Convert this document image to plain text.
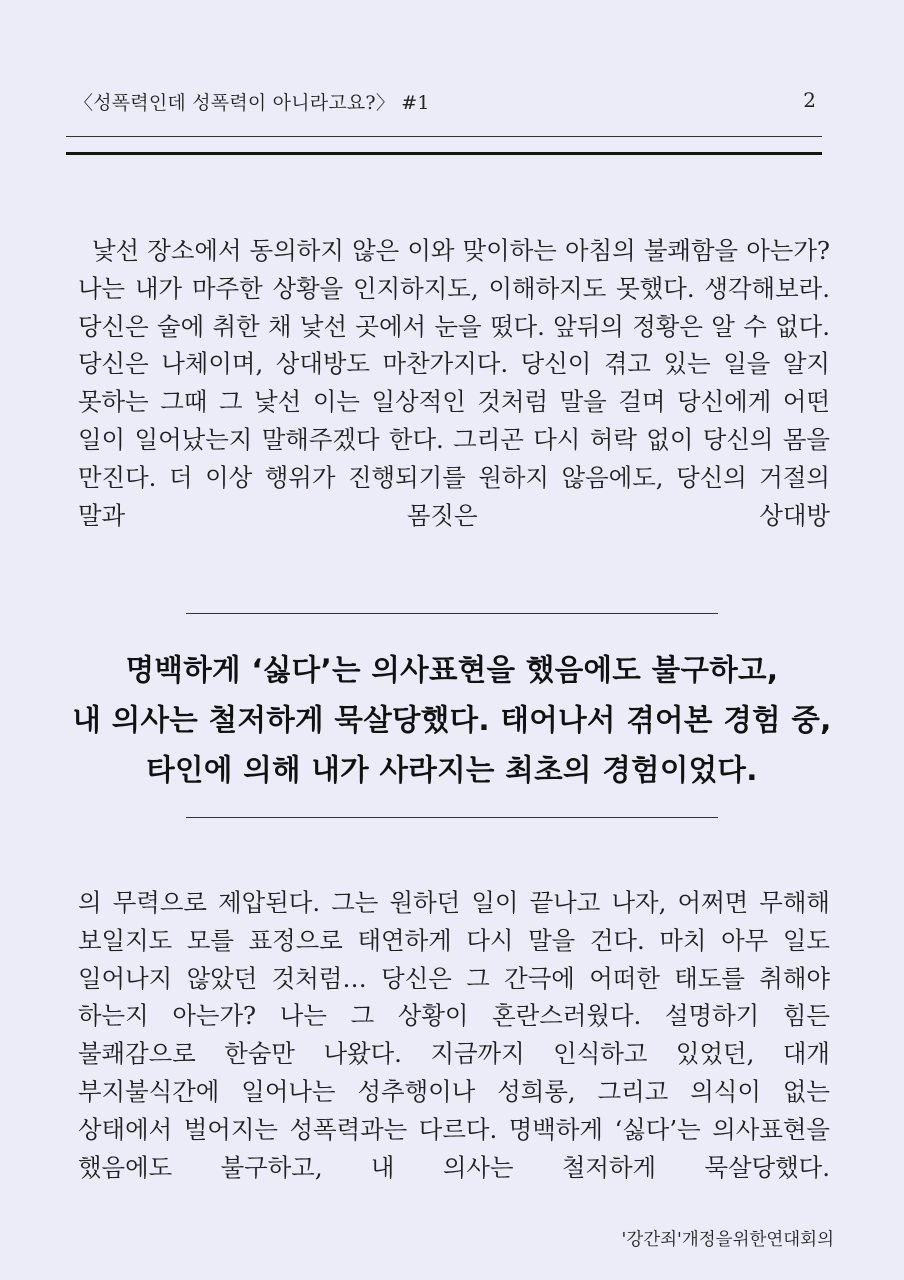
〈성폭력인데 성폭력이 아니라고요?〉 #1	2

낯선 장소에서 동의하지 않은 이와 맞이하는 아침의 불쾌함을 아는가? 나는 내가 마주한 상황을 인지하지도, 이해하지도 못했다. 생각해보라. 당신은 술에 취한 채 낯선 곳에서 눈을 떴다. 앞뒤의 정황은 알 수 없다. 당신은 나체이며, 상대방도 마찬가지다. 당신이 겪고 있는 일을 알지 못하는 그때 그 낯선 이는 일상적인 것처럼 말을 걸며 당신에게 어떤 일이 일어났는지 말해주겠다 한다. 그리곤 다시 허락 없이 당신의 몸을 만진다. 더 이상 행위가 진행되기를 원하지 않음에도, 당신의 거절의 말과 몸짓은 상대방

명백하게 ‘싫다’는 의사표현을 했음에도 불구하고,
내 의사는 철저하게 묵살당했다. 태어나서 겪어본 경험 중,
타인에 의해 내가 사라지는 최초의 경험이었다.

의 무력으로 제압된다. 그는 원하던 일이 끝나고 나자, 어쩌면 무해해 보일지도 모를 표정으로 태연하게 다시 말을 건다. 마치 아무 일도 일어나지 않았던 것처럼… 당신은 그 간극에 어떠한 태도를 취해야 하는지 아는가? 나는 그 상황이 혼란스러웠다. 설명하기 힘든 불쾌감으로 한숨만 나왔다. 지금까지 인식하고 있었던, 대개 부지불식간에 일어나는 성추행이나 성희롱, 그리고 의식이 없는 상태에서 벌어지는 성폭력과는 다르다. 명백하게 ‘싫다’는 의사표현을 했음에도 불구하고, 내 의사는 철저하게 묵살당했다.

'강간죄'개정을위한연대회의
